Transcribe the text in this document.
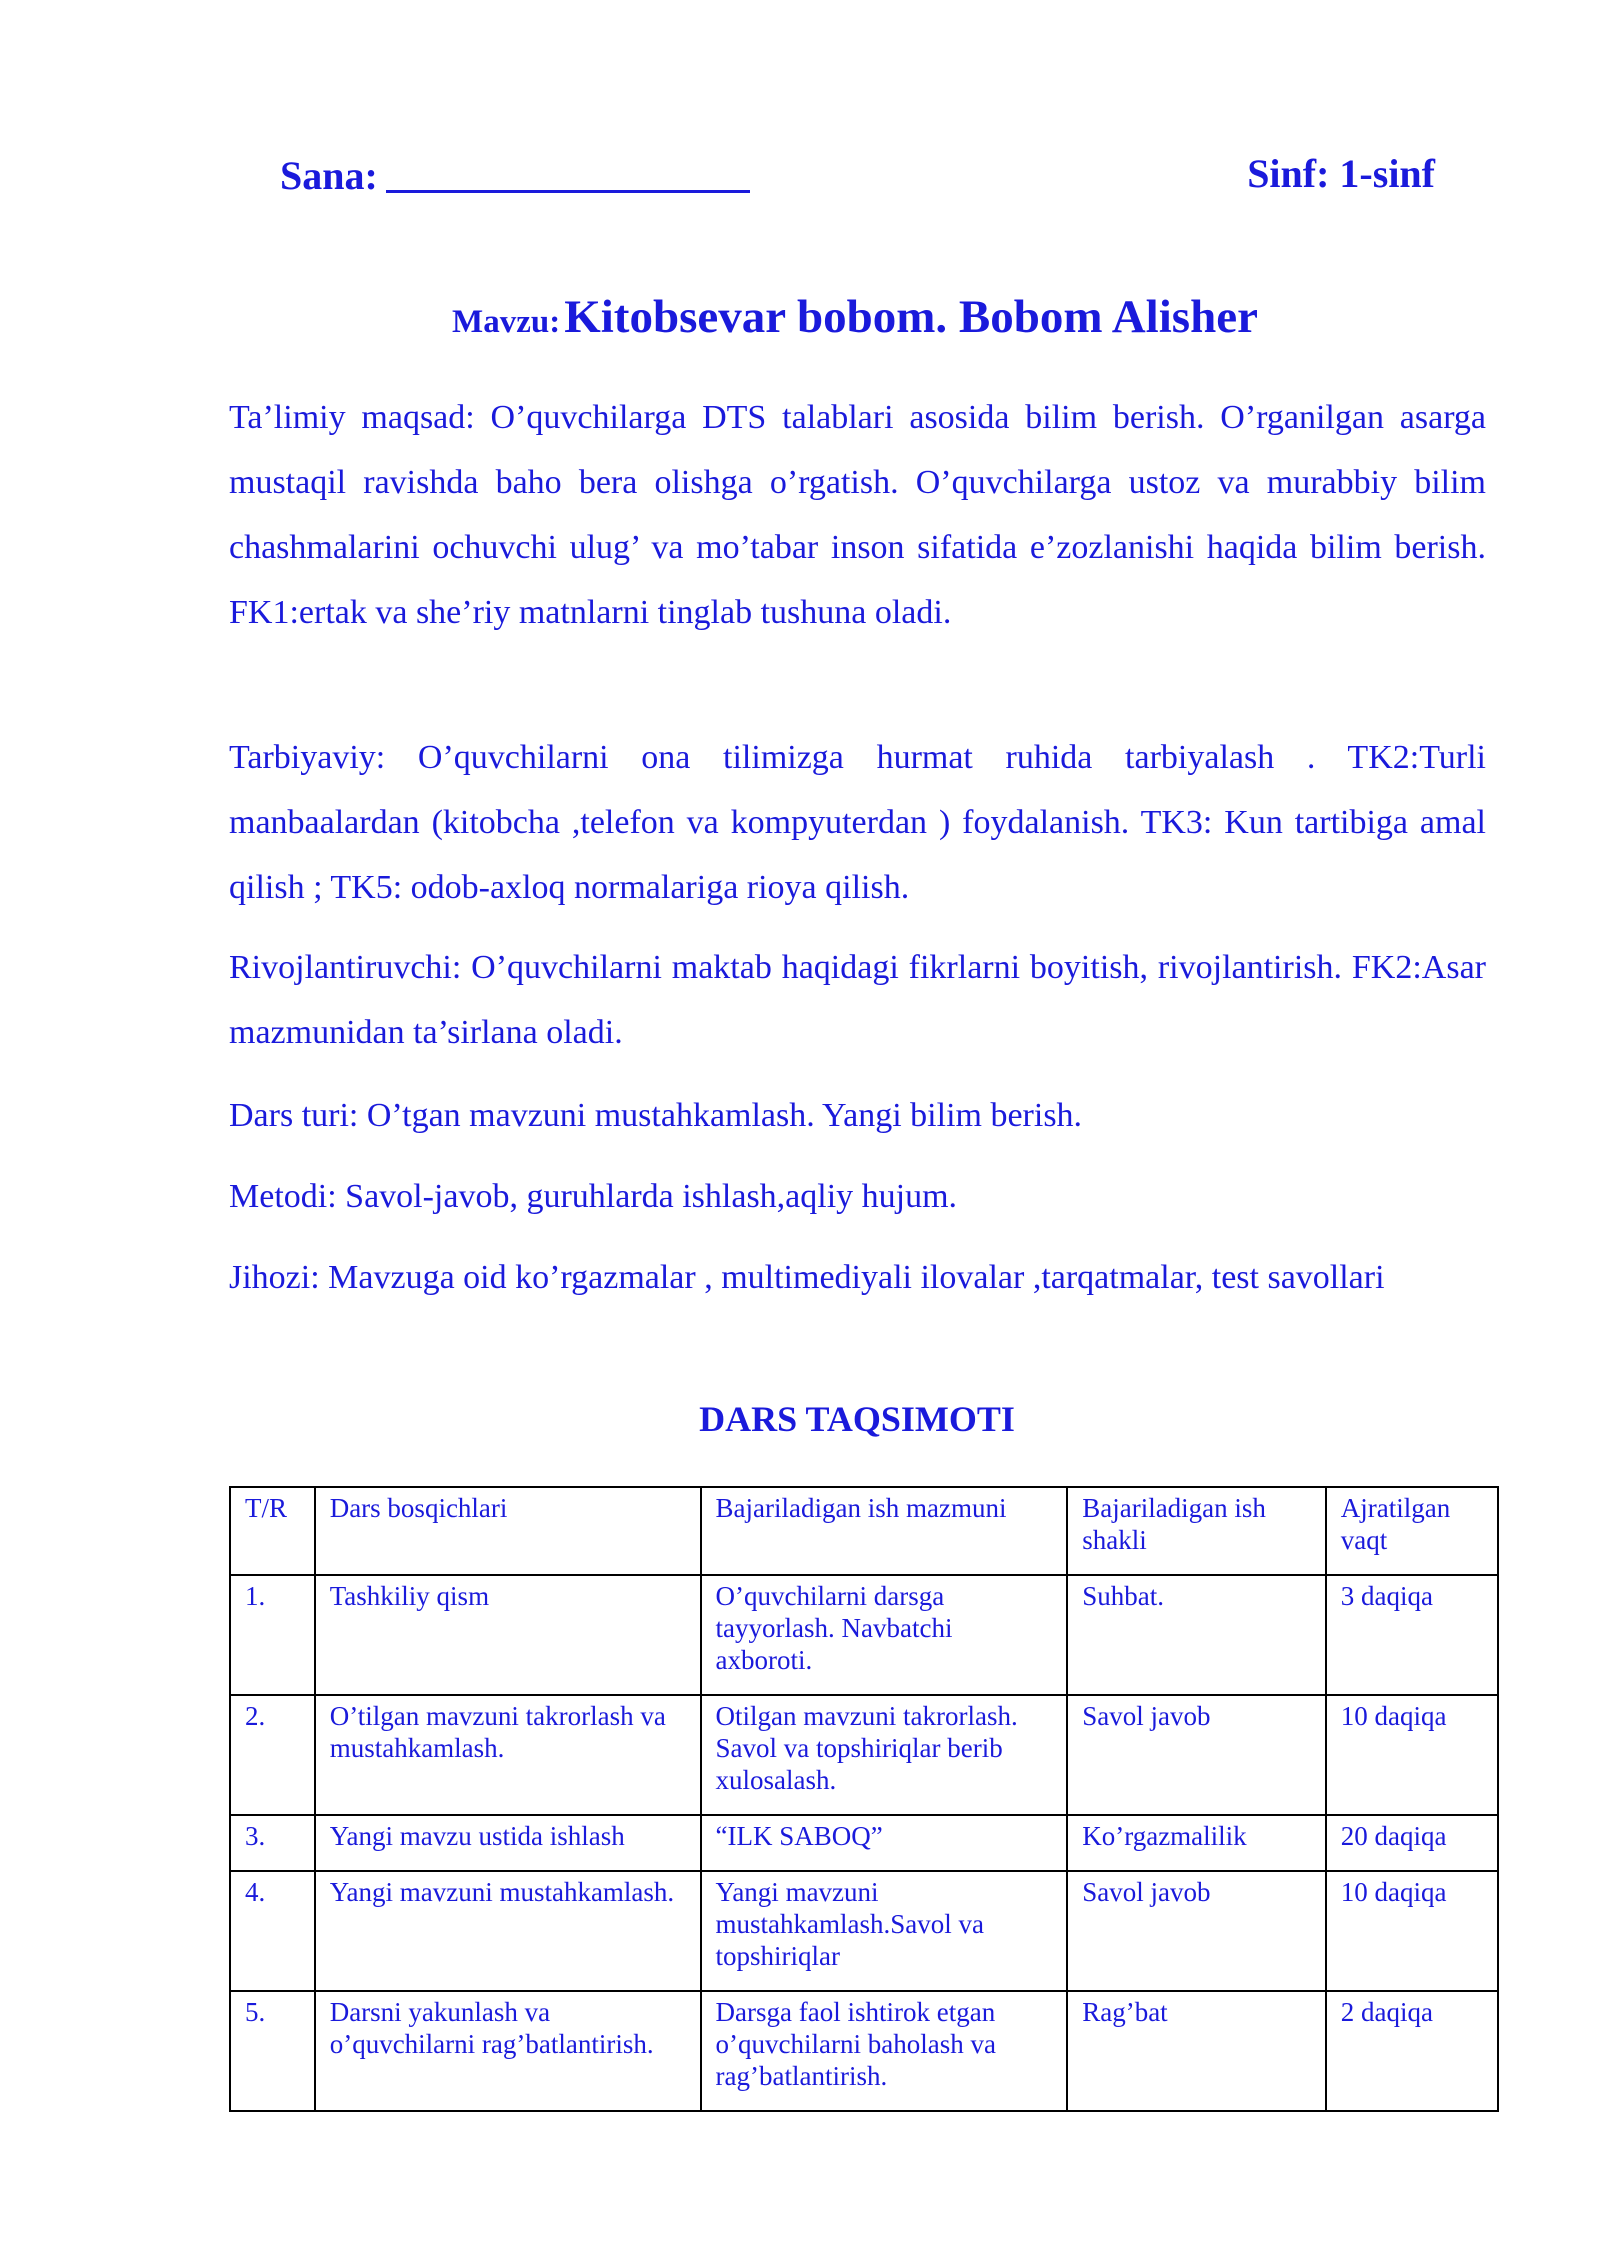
Sana:	Sinf: 1-sinf
Mavzu: Kitobsevar bobom. Bobom Alisher

Ta’limiy maqsad: O’quvchilarga DTS talablari asosida bilim berish. O’rganilgan asarga mustaqil ravishda baho bera olishga o’rgatish. O’quvchilarga ustoz va murabbiy bilim chashmalarini ochuvchi ulug’ va mo’tabar inson sifatida e’zozlanishi haqida bilim berish. FK1:ertak va she’riy matnlarni tinglab tushuna oladi.

Tarbiyaviy: O’quvchilarni ona tilimizga hurmat ruhida tarbiyalash . TK2:Turli manbaalardan (kitobcha ,telefon va kompyuterdan ) foydalanish. TK3: Kun tartibiga amal qilish ; TK5: odob-axloq normalariga rioya qilish.

Rivojlantiruvchi: O’quvchilarni maktab haqidagi fikrlarni boyitish, rivojlantirish. FK2:Asar mazmunidan ta’sirlana oladi.

Dars turi: O’tgan mavzuni mustahkamlash. Yangi bilim berish.

Metodi: Savol-javob, guruhlarda ishlash,aqliy hujum.

Jihozi: Mavzuga oid ko’rgazmalar , multimediyali ilovalar ,tarqatmalar, test savollari

DARS TAQSIMOTI
T/R	Dars bosqichlari	Bajariladigan ish mazmuni	Bajariladigan ish shakli	Ajratilgan vaqt
1.	Tashkiliy qism	O’quvchilarni darsga tayyorlash. Navbatchi axboroti.	Suhbat.	3 daqiqa
2.	O’tilgan mavzuni takrorlash va mustahkamlash.	Otilgan mavzuni takrorlash. Savol va topshiriqlar berib xulosalash.	Savol javob	10 daqiqa
3.	Yangi mavzu ustida ishlash	“ILK SABOQ”	Ko’rgazmalilik	20 daqiqa
4.	Yangi mavzuni mustahkamlash.	Yangi mavzuni mustahkamlash.Savol va topshiriqlar	Savol javob	10 daqiqa
5.	Darsni yakunlash va o’quvchilarni rag’batlantirish.	Darsga faol ishtirok etgan o’quvchilarni baholash va rag’batlantirish.	Rag’bat	2 daqiqa
